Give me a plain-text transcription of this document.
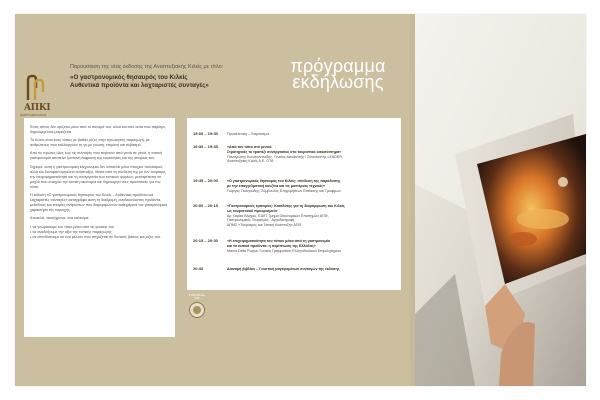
ΑΠΚΙ
ΑΝΑΠΤΥΞΙΑΚΗ ΚΙΛΚΙΣ
Παρουσίαση της νέας έκδοσης της Αναπτυξιακής Κιλκίς με τίτλο:
«Ο γαστρονομικός θησαυρός του Κιλκίς
Αυθεντικά προϊόντα και λαχταριστές συνταγές»
πρόγραμμα
εκδήλωσης

Ένας τόπος δεν ορίζεται μόνο από το σύνορά του, αλλά και από αυτά που παράγει, δημιουργεί και μοιράζεται.

Το Κιλκίς είναι ένας τόπος με βαθιές ρίζες στην πρωτογενή παραγωγή, με ανθρώπους που καλλιεργούν τη γη με γνώση, επιμονή και σεβασμό.

Από τις πρώτες ύλες έως τις συνταγές που περνούν από γενιά σε γενιά, η τοπική γαστρονομία αποτελεί ζωντανή έκφραση της ταυτότητας και της ιστορίας του.

Σήμερα, αυτή η γαστρονομική κληρονομιά δεν αποτελεί μόνο στοιχείο πολιτισμού, αλλά και δυναμικό εργαλείο ανάπτυξης. Μέσα από τη σύνδεση της με τον τουρισμό, την επιχειρηματικότητα και τη συνεργασία των τοπικών φορέων, μετατρέπεται σε μοχλό που ενισχύει την τοπική οικονομία και δημιουργεί νέες προοπτικές για τον τόπο.

Η έκδοση «Ο γαστρονομικός θησαυρός του Κιλκίς – Αυθεντικά προϊόντα και λαχταριστές συνταγές» καταγράφει αυτή τη διαδρομή, αναδεικνύοντας προϊόντα, μεθόδους και ιστορίες ανθρώπων που διαμορφώνουν καθημερινά τον γαστρονομικό χαρακτήρα της περιοχής.

Αποτελεί, ταυτόχρονα, ένα κάλεσμα:

• να γνωρίσουμε τον τόπο μέσα από τις γεύσεις του
• να αναδείξουμε την αξία της τοπικής παραγωγής
• να επενδύσουμε σε ένα μέλλον που στηρίζεται σε δυνατές βάσεις και ρίζες του.
19:00 – 19:30	Προσέλευση – Χαιρετισμοί
19:30 – 19:45	«Από τον τόπο στο μενού:
Στρατηγικές το τραπέζι συνεργασίας στο τουριστικό οικοσύστημα»
Παναγιώτης Κωνσταντινίδης, Γενικός Διευθυντής / Συντονιστής LEADER,
Αναπτυξιακή Κιλκίς Α.Ε. ΟΤΑ
19:45 – 20:00	«Ο γαστρονομικός θησαυρός του Κιλκίς: σύνδεση της παράδοσης
με την επαγγελματική κουζίνα και τις μοντέρνες τεχνικές»
Γιώργος Παληούδης, Σύμβουλος Επιχειρήσεων Εστίασης και Τροφίμων
20:00 – 20:15	«Γαστρονομικές εμπειρίες: Καταλύτης για τη διαμόρφωση του Κιλκίς
ως τουριστικού προορισμού»
Δρ Χαρίτα Βλάχου, ΕΔΙΠ, Τμήμα Οικονομικών Επιστημών ΑΠΘ,
Γαστρονομικός Τουρισμός - Αγροδιατροφή,
ΔΠΜΣ «Τουρισμός και Τοπική Ανάπτυξη» ΑΠΘ
20:15 – 20:30	«Η επιχειρηματικότητα του τόπου μέσα από τη γαστρονομία
και τα τοπικά προϊόντα: η περίπτωση της Ελλάδας»
Marco Della Puppa, Γενικός Γραμματέας Ελληνοϊταλικού Επιμελητηρίου
20:30	Διανομή βιβλίου – Γευστική μαγειρεμένων συνταγών της έκδοσης
ΣΤΗΝ ΟΜΑΔΑ ΜΑΣ
